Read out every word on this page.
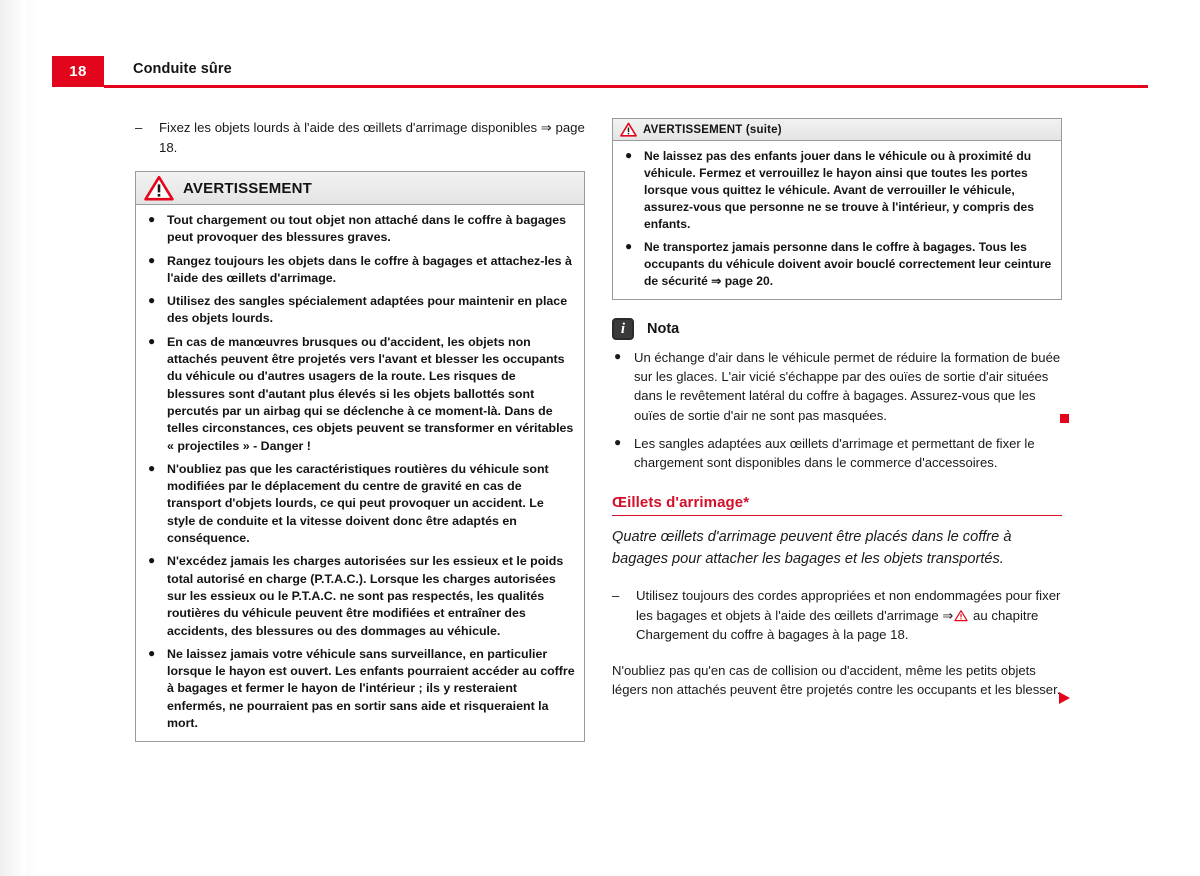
18	Conduite sûre
– Fixez les objets lourds à l'aide des œillets d'arrimage disponibles ⇒ page 18.
AVERTISSEMENT
● Tout chargement ou tout objet non attaché dans le coffre à bagages peut provoquer des blessures graves.
● Rangez toujours les objets dans le coffre à bagages et attachez-les à l'aide des œillets d'arrimage.
● Utilisez des sangles spécialement adaptées pour maintenir en place des objets lourds.
● En cas de manœuvres brusques ou d'accident, les objets non attachés peuvent être projetés vers l'avant et blesser les occupants du véhicule ou d'autres usagers de la route. Les risques de blessures sont d'autant plus élevés si les objets ballottés sont percutés par un airbag qui se déclenche à ce moment-là. Dans de telles circonstances, ces objets peuvent se transformer en véritables « projectiles » - Danger !
● N'oubliez pas que les caractéristiques routières du véhicule sont modifiées par le déplacement du centre de gravité en cas de transport d'objets lourds, ce qui peut provoquer un accident. Le style de conduite et la vitesse doivent donc être adaptés en conséquence.
● N'excédez jamais les charges autorisées sur les essieux et le poids total autorisé en charge (P.T.A.C.). Lorsque les charges autorisées sur les essieux ou le P.T.A.C. ne sont pas respectés, les qualités routières du véhicule peuvent être modifiées et entraîner des accidents, des blessures ou des dommages au véhicule.
● Ne laissez jamais votre véhicule sans surveillance, en particulier lorsque le hayon est ouvert. Les enfants pourraient accéder au coffre à bagages et fermer le hayon de l'intérieur ; ils y resteraient enfermés, ne pourraient pas en sortir sans aide et risqueraient la mort.
AVERTISSEMENT (suite)
● Ne laissez pas des enfants jouer dans le véhicule ou à proximité du véhicule. Fermez et verrouillez le hayon ainsi que toutes les portes lorsque vous quittez le véhicule. Avant de verrouiller le véhicule, assurez-vous que personne ne se trouve à l'intérieur, y compris des enfants.
● Ne transportez jamais personne dans le coffre à bagages. Tous les occupants du véhicule doivent avoir bouclé correctement leur ceinture de sécurité ⇒ page 20.
i	Nota
● Un échange d'air dans le véhicule permet de réduire la formation de buée sur les glaces. L'air vicié s'échappe par des ouïes de sortie d'air situées dans le revêtement latéral du coffre à bagages. Assurez-vous que les ouïes de sortie d'air ne sont pas masquées.
● Les sangles adaptées aux œillets d'arrimage et permettant de fixer le chargement sont disponibles dans le commerce d'accessoires.
Œillets d'arrimage*
Quatre œillets d'arrimage peuvent être placés dans le coffre à bagages pour attacher les bagages et les objets transportés.
– Utilisez toujours des cordes appropriées et non endommagées pour fixer les bagages et objets à l'aide des œillets d'arrimage ⇒ au chapitre Chargement du coffre à bagages à la page 18.
N'oubliez pas qu'en cas de collision ou d'accident, même les petits objets légers non attachés peuvent être projetés contre les occupants et les blesser.
